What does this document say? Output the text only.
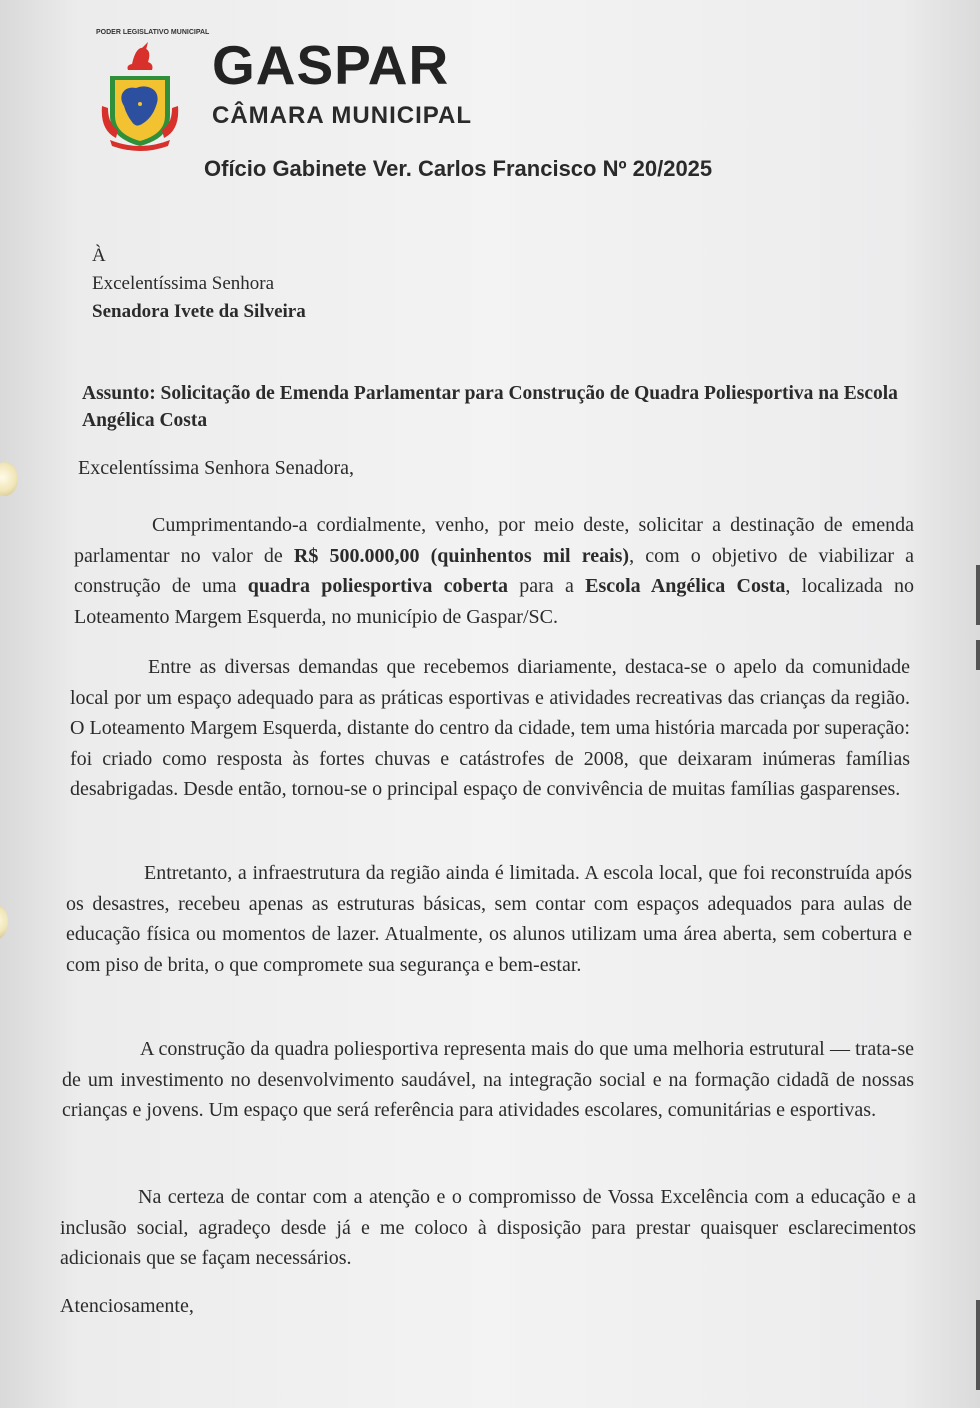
PODER LEGISLATIVO MUNICIPAL
GASPAR
CÂMARA MUNICIPAL
Ofício Gabinete Ver. Carlos Francisco Nº 20/2025
À
Excelentíssima Senhora
Senadora Ivete da Silveira
Assunto: Solicitação de Emenda Parlamentar para Construção de Quadra Poliesportiva na Escola Angélica Costa
Excelentíssima Senhora Senadora,

Cumprimentando-a cordialmente, venho, por meio deste, solicitar a destinação de emenda parlamentar no valor de R$ 500.000,00 (quinhentos mil reais), com o objetivo de viabilizar a construção de uma quadra poliesportiva coberta para a Escola Angélica Costa, localizada no Loteamento Margem Esquerda, no município de Gaspar/SC.

Entre as diversas demandas que recebemos diariamente, destaca-se o apelo da comunidade local por um espaço adequado para as práticas esportivas e atividades recreativas das crianças da região. O Loteamento Margem Esquerda, distante do centro da cidade, tem uma história marcada por superação: foi criado como resposta às fortes chuvas e catástrofes de 2008, que deixaram inúmeras famílias desabrigadas. Desde então, tornou-se o principal espaço de convivência de muitas famílias gasparenses.

Entretanto, a infraestrutura da região ainda é limitada. A escola local, que foi reconstruída após os desastres, recebeu apenas as estruturas básicas, sem contar com espaços adequados para aulas de educação física ou momentos de lazer. Atualmente, os alunos utilizam uma área aberta, sem cobertura e com piso de brita, o que compromete sua segurança e bem-estar.

A construção da quadra poliesportiva representa mais do que uma melhoria estrutural — trata-se de um investimento no desenvolvimento saudável, na integração social e na formação cidadã de nossas crianças e jovens. Um espaço que será referência para atividades escolares, comunitárias e esportivas.

Na certeza de contar com a atenção e o compromisso de Vossa Excelência com a educação e a inclusão social, agradeço desde já e me coloco à disposição para prestar quaisquer esclarecimentos adicionais que se façam necessários.

Atenciosamente,
